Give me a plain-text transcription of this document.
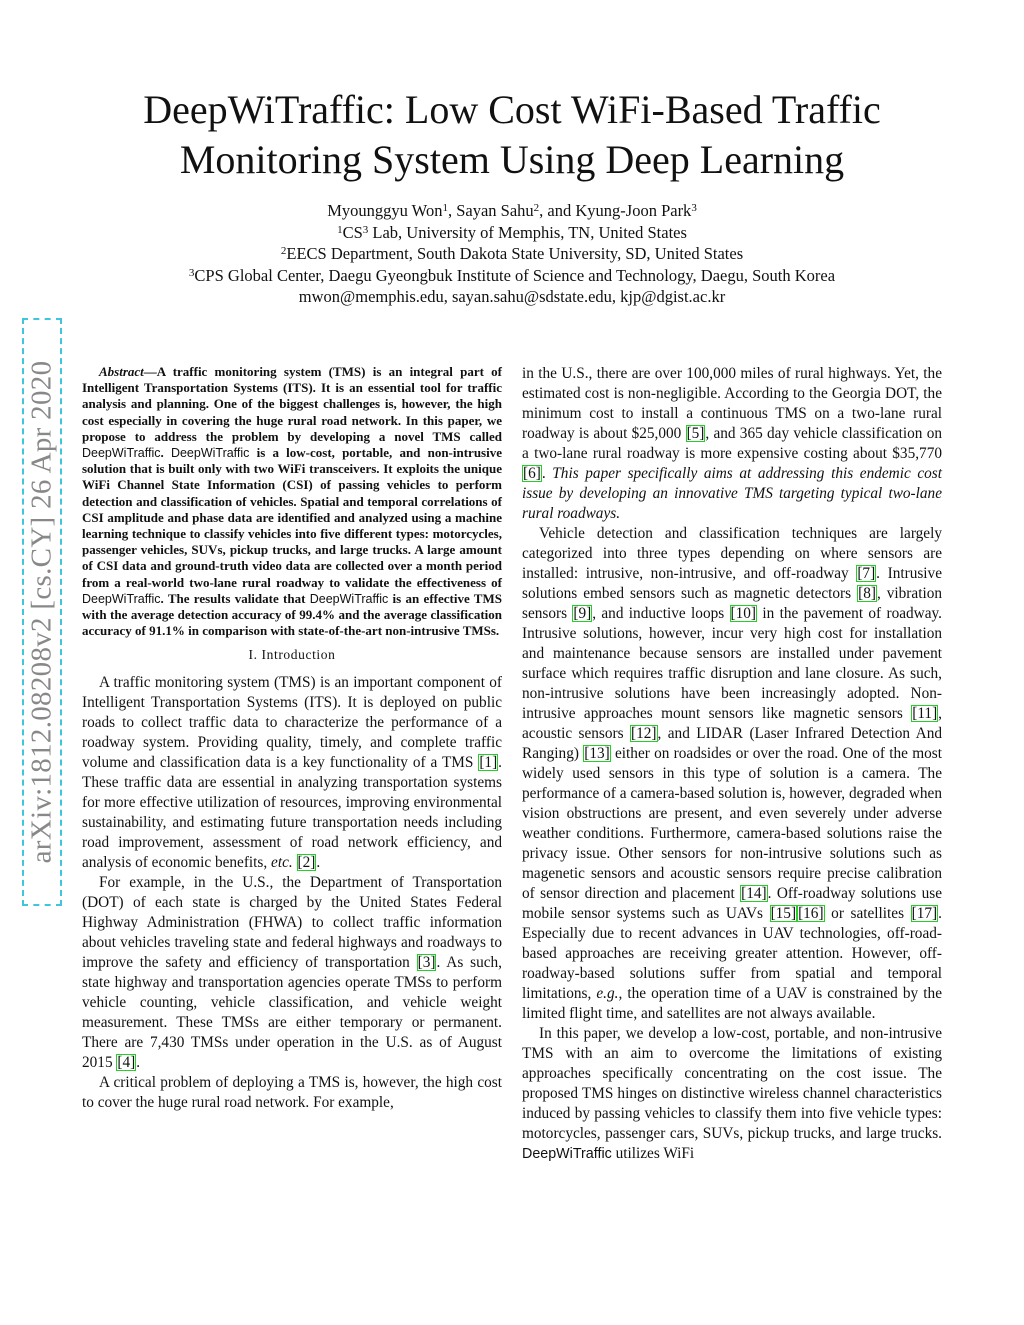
arXiv:1812.08208v2 [cs.CY] 26 Apr 2020
DeepWiTraffic: Low Cost WiFi-Based Traffic
Monitoring System Using Deep Learning
Myounggyu Won$^1$, Sayan Sahu$^2$, and Kyung-Joon Park$^3$
$^1CS^3$ Lab, University of Memphis, TN, United States
$^2$EECS Department, South Dakota State University, SD, United States
$^3$CPS Global Center, Daegu Gyeongbuk Institute of Science and Technology, Daegu, South Korea
mwon@memphis.edu, sayan.sahu@sdstate.edu, kjp@dgist.ac.kr

Abstract—A traffic monitoring system (TMS) is an integral part of Intelligent Transportation Systems (ITS). It is an essential tool for traffic analysis and planning. One of the biggest challenges is, however, the high cost especially in covering the huge rural road network. In this paper, we propose to address the problem by developing a novel TMS called DeepWiTraffic. DeepWiTraffic is a low-cost, portable, and non-intrusive solution that is built only with two WiFi transceivers. It exploits the unique WiFi Channel State Information (CSI) of passing vehicles to perform detection and classification of vehicles. Spatial and temporal correlations of CSI amplitude and phase data are identified and analyzed using a machine learning technique to classify vehicles into five different types: motorcycles, passenger vehicles, SUVs, pickup trucks, and large trucks. A large amount of CSI data and ground-truth video data are collected over a month period from a real-world two-lane rural roadway to validate the effectiveness of DeepWiTraffic. The results validate that DeepWiTraffic is an effective TMS with the average detection accuracy of 99.4% and the average classification accuracy of 91.1% in comparison with state-of-the-art non-intrusive TMSs.

I. Introduction

A traffic monitoring system (TMS) is an important component of Intelligent Transportation Systems (ITS). It is deployed on public roads to collect traffic data to characterize the performance of a roadway system. Providing quality, timely, and complete traffic volume and classification data is a key functionality of a TMS [1]. These traffic data are essential in analyzing transportation systems for more effective utilization of resources, improving environmental sustainability, and estimating future transportation needs including road improvement, assessment of road network efficiency, and analysis of economic benefits, etc. [2].

For example, in the U.S., the Department of Transportation (DOT) of each state is charged by the United States Federal Highway Administration (FHWA) to collect traffic information about vehicles traveling state and federal highways and roadways to improve the safety and efficiency of transportation [3]. As such, state highway and transportation agencies operate TMSs to perform vehicle counting, vehicle classification, and vehicle weight measurement. These TMSs are either temporary or permanent. There are 7,430 TMSs under operation in the U.S. as of August 2015 [4].

A critical problem of deploying a TMS is, however, the high cost to cover the huge rural road network. For example,

in the U.S., there are over 100,000 miles of rural highways. Yet, the estimated cost is non-negligible. According to the Georgia DOT, the minimum cost to install a continuous TMS on a two-lane rural roadway is about $25,000 [5], and 365 day vehicle classification on a two-lane rural roadway is more expensive costing about $35,770 [6]. This paper specifically aims at addressing this endemic cost issue by developing an innovative TMS targeting typical two-lane rural roadways.

Vehicle detection and classification techniques are largely categorized into three types depending on where sensors are installed: intrusive, non-intrusive, and off-roadway [7]. Intrusive solutions embed sensors such as magnetic detectors [8], vibration sensors [9], and inductive loops [10] in the pavement of roadway. Intrusive solutions, however, incur very high cost for installation and maintenance because sensors are installed under pavement surface which requires traffic disruption and lane closure. As such, non-intrusive solutions have been increasingly adopted. Non-intrusive approaches mount sensors like magnetic sensors [11], acoustic sensors [12], and LIDAR (Laser Infrared Detection And Ranging) [13] either on roadsides or over the road. One of the most widely used sensors in this type of solution is a camera. The performance of a camera-based solution is, however, degraded when vision obstructions are present, and even severely under adverse weather conditions. Furthermore, camera-based solutions raise the privacy issue. Other sensors for non-intrusive solutions such as magenetic sensors and acoustic sensors require precise calibration of sensor direction and placement [14]. Off-roadway solutions use mobile sensor systems such as UAVs [15] [16] or satellites [17]. Especially due to recent advances in UAV technologies, off-road-based approaches are receiving greater attention. However, off-roadway-based solutions suffer from spatial and temporal limitations, e.g., the operation time of a UAV is constrained by the limited flight time, and satellites are not always available.

In this paper, we develop a low-cost, portable, and non-intrusive TMS with an aim to overcome the limitations of existing approaches specifically concentrating on the cost issue. The proposed TMS hinges on distinctive wireless channel characteristics induced by passing vehicles to classify them into five vehicle types: motorcycles, passenger cars, SUVs, pickup trucks, and large trucks. DeepWiTraffic utilizes WiFi
